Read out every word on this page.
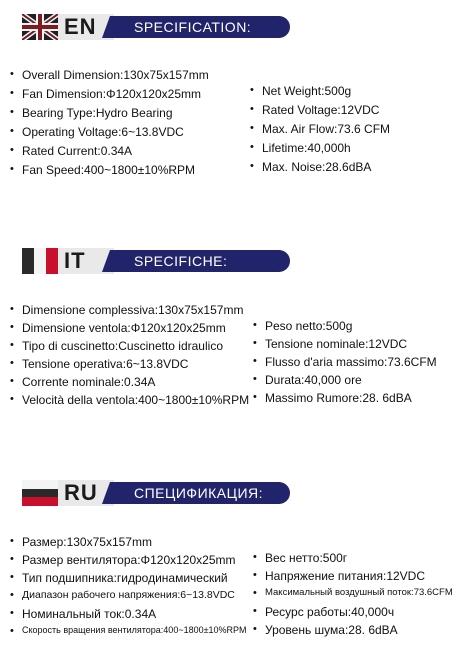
EN	SPECIFICATION:
• Overall Dimension:130x75x157mm
• Fan Dimension:Φ120x120x25mm
• Bearing Type:Hydro Bearing
• Operating Voltage:6~13.8VDC
• Rated Current:0.34A
• Fan Speed:400~1800±10%RPM
• Net Weight:500g
• Rated Voltage:12VDC
• Max. Air Flow:73.6 CFM
• Lifetime:40,000h
• Max. Noise:28.6dBA
IT	SPECIFICHE:
• Dimensione complessiva:130x75x157mm
• Dimensione ventola:Φ120x120x25mm
• Tipo di cuscinetto:Cuscinetto idraulico
• Tensione operativa:6~13.8VDC
• Corrente nominale:0.34A
• Velocità della ventola:400~1800±10%RPM
• Peso netto:500g
• Tensione nominale:12VDC
• Flusso d'aria massimo:73.6CFM
• Durata:40,000 ore
• Massimo Rumore:28. 6dBA
RU	СПЕЦИФИКАЦИЯ:
• Размер:130x75x157mm
• Размер вентилятора:Φ120x120x25mm
• Тип подшипника:гидродинамический
• Диапазон рабочего напряжения:6~13.8VDC
• Номинальный ток:0.34A
• Скорость вращения вентилятора:400~1800±10%RPM
• Вес нетто:500г
• Напряжение питания:12VDC
• Максимальный воздушный поток:73.6CFM
• Ресурс работы:40,000ч
• Уровень шума:28. 6dBA
